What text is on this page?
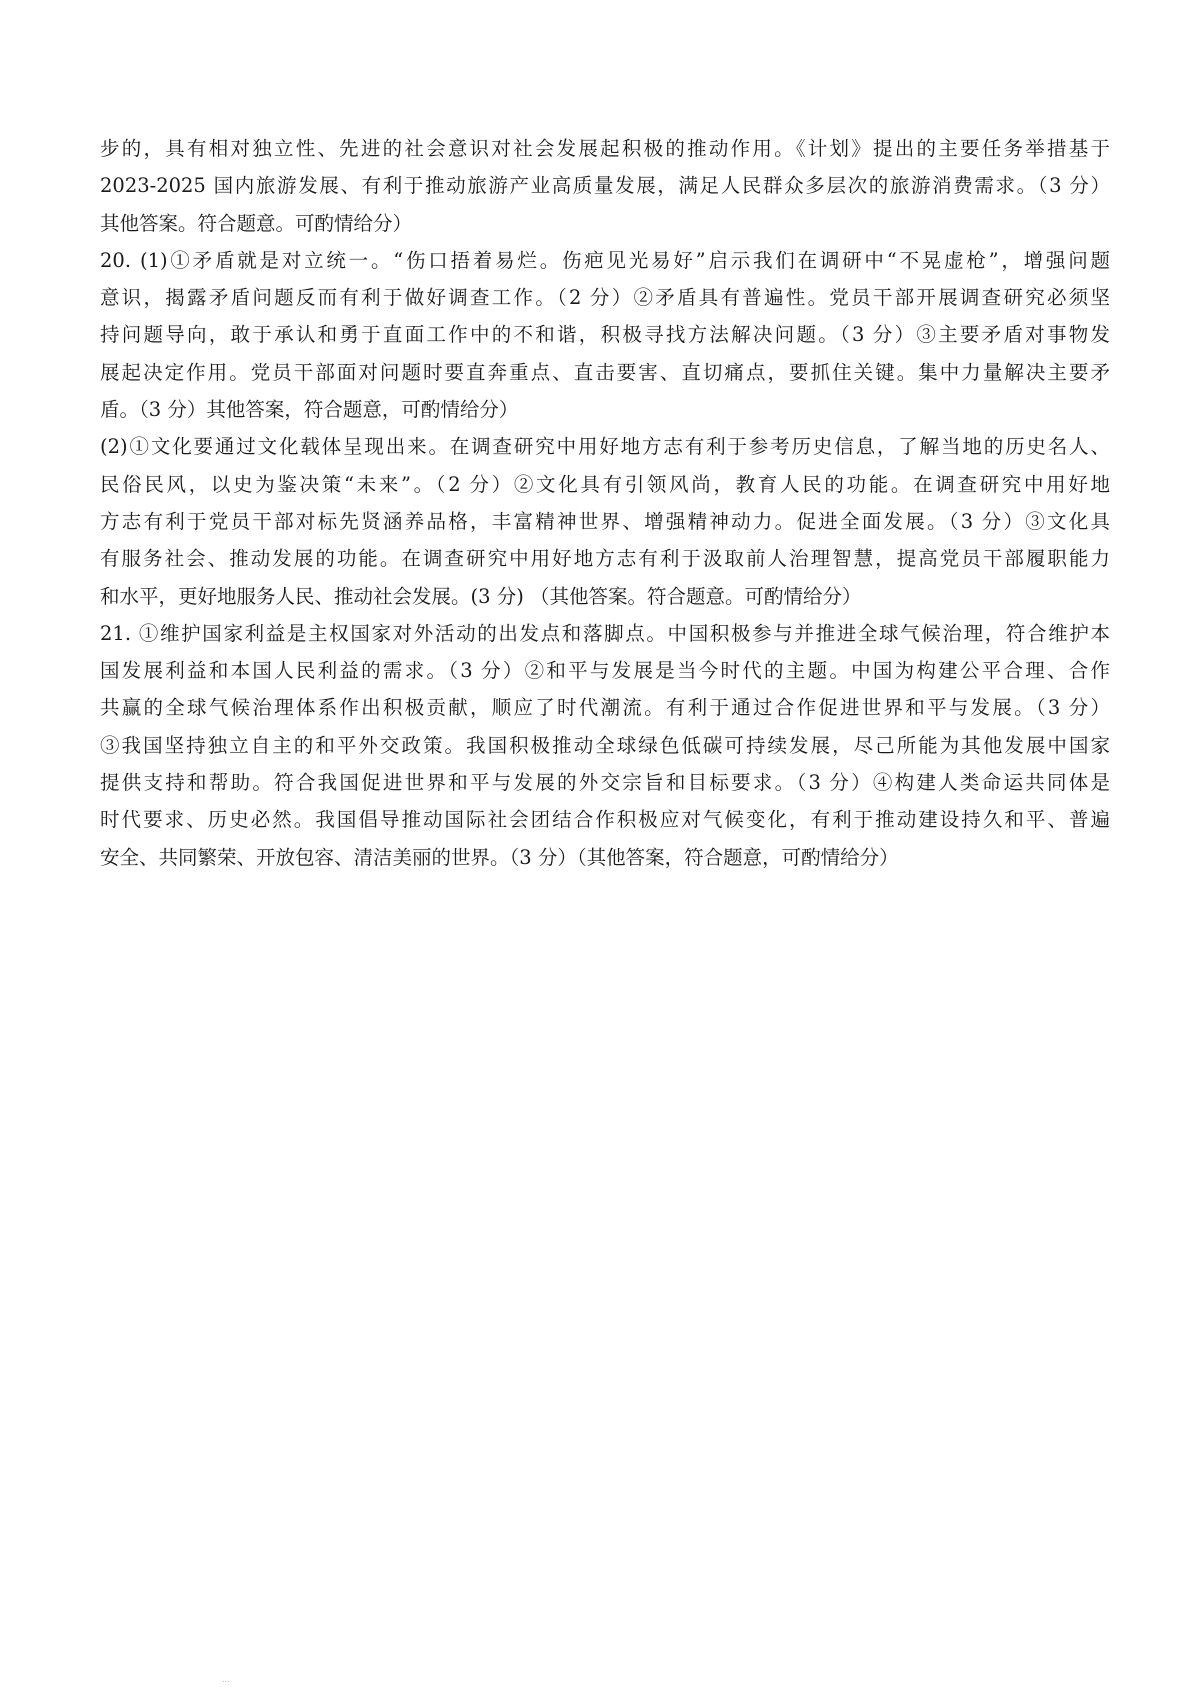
步的，具有相对独立性、先进的社会意识对社会发展起积极的推动作用。《计划》提出的主要任务举措基于
2023-2025 国内旅游发展、有利于推动旅游产业高质量发展，满足人民群众多层次的旅游消费需求。（3 分）
其他答案。符合题意。可酌情给分）
20. (1)①矛盾就是对立统一。“伤口捂着易烂。伤疤见光易好”启示我们在调研中“不晃虚枪”，增强问题
意识，揭露矛盾问题反而有利于做好调查工作。（2 分）②矛盾具有普遍性。党员干部开展调查研究必须坚
持问题导向，敢于承认和勇于直面工作中的不和谐，积极寻找方法解决问题。（3 分）③主要矛盾对事物发
展起决定作用。党员干部面对问题时要直奔重点、直击要害、直切痛点，要抓住关键。集中力量解决主要矛
盾。（3 分）其他答案，符合题意，可酌情给分）
(2)①文化要通过文化载体呈现出来。在调查研究中用好地方志有利于参考历史信息，了解当地的历史名人、
民俗民风，以史为鉴决策“未来”。（2 分）②文化具有引领风尚，教育人民的功能。在调查研究中用好地
方志有利于党员干部对标先贤涵养品格，丰富精神世界、增强精神动力。促进全面发展。（3 分）③文化具
有服务社会、推动发展的功能。在调查研究中用好地方志有利于汲取前人治理智慧，提高党员干部履职能力
和水平，更好地服务人民、推动社会发展。(3 分) （其他答案。符合题意。可酌情给分）
21. ①维护国家利益是主权国家对外活动的出发点和落脚点。中国积极参与并推进全球气候治理，符合维护本
国发展利益和本国人民利益的需求。（3 分）②和平与发展是当今时代的主题。中国为构建公平合理、合作
共赢的全球气候治理体系作出积极贡献，顺应了时代潮流。有利于通过合作促进世界和平与发展。（3 分）
③我国坚持独立自主的和平外交政策。我国积极推动全球绿色低碳可持续发展，尽己所能为其他发展中国家
提供支持和帮助。符合我国促进世界和平与发展的外交宗旨和目标要求。（3 分）④构建人类命运共同体是
时代要求、历史必然。我国倡导推动国际社会团结合作积极应对气候变化，有利于推动建设持久和平、普遍
安全、共同繁荣、开放包容、清洁美丽的世界。（3 分）（其他答案，符合题意，可酌情给分）
...
